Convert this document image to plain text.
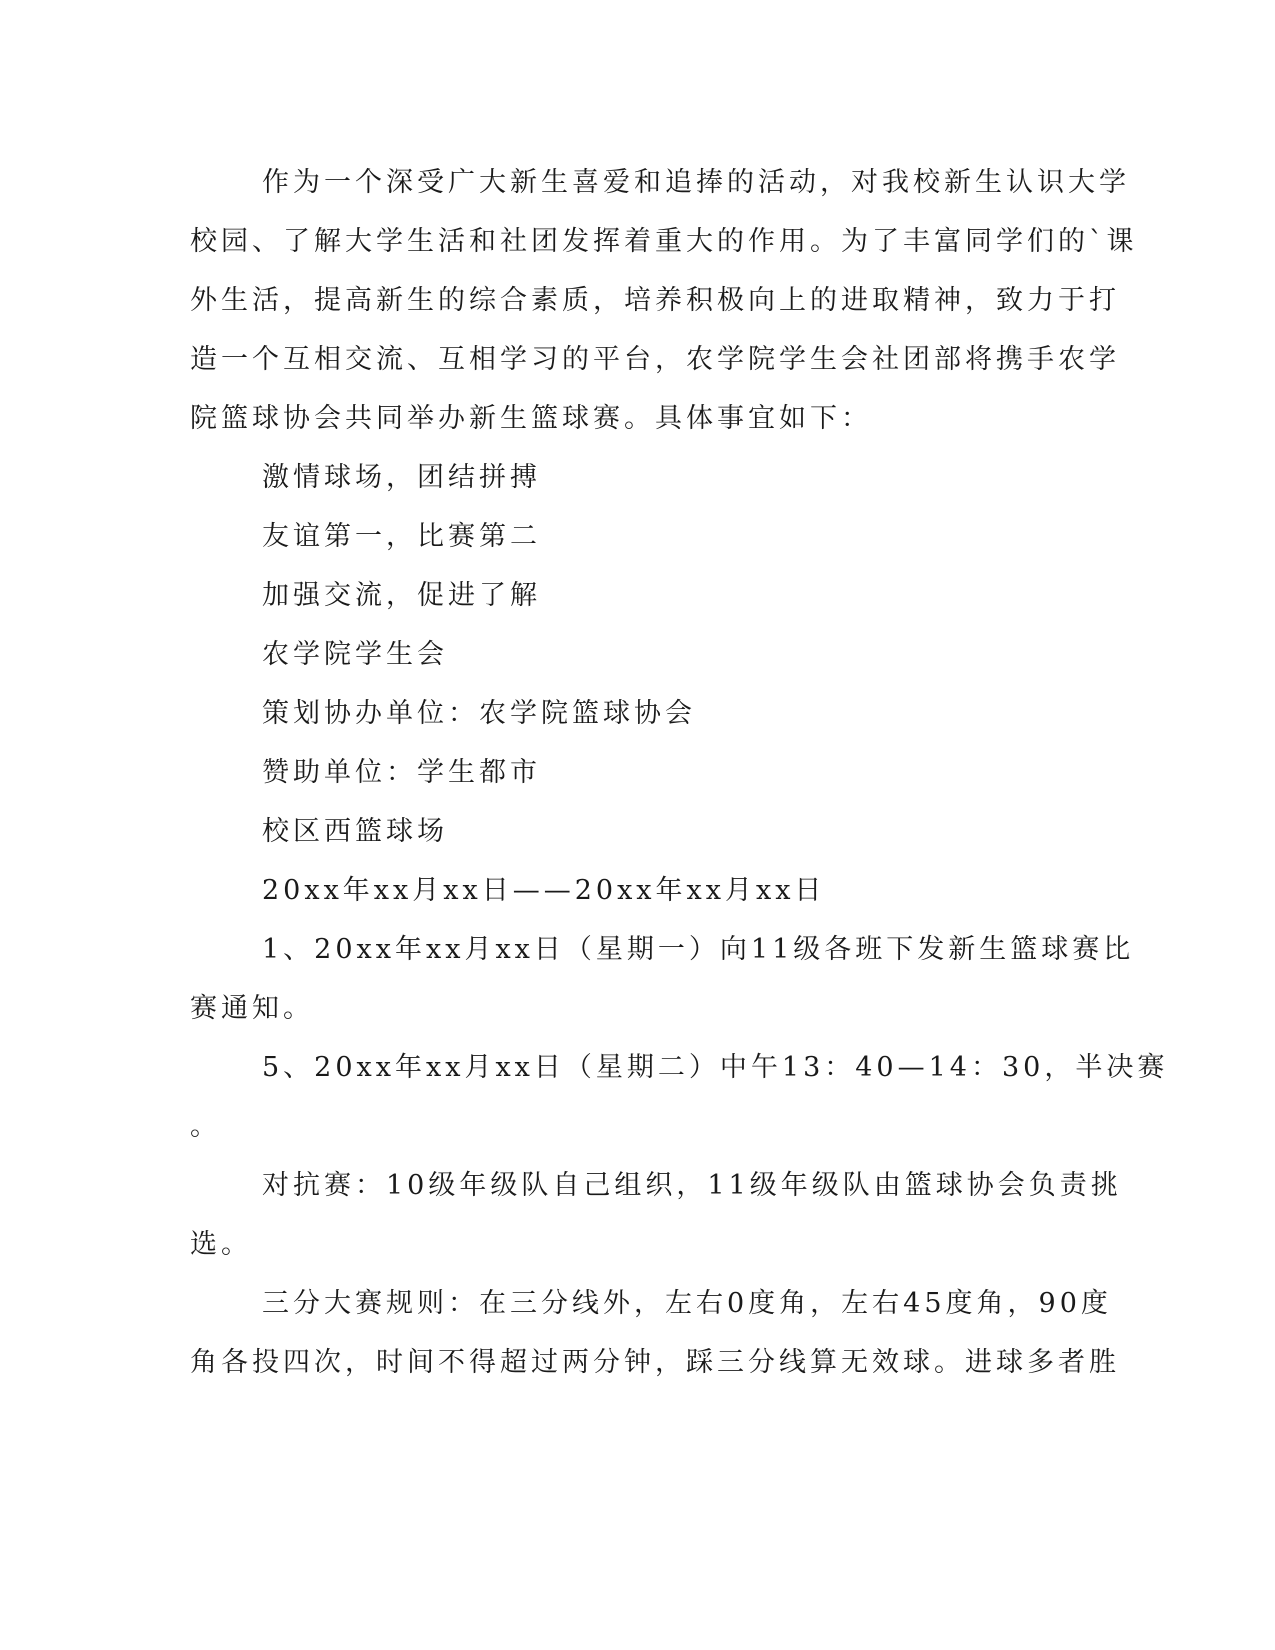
作为一个深受广大新生喜爱和追捧的活动，对我校新生认识大学
校园、了解大学生活和社团发挥着重大的作用。为了丰富同学们的`课
外生活，提高新生的综合素质，培养积极向上的进取精神，致力于打
造一个互相交流、互相学习的平台，农学院学生会社团部将携手农学
院篮球协会共同举办新生篮球赛。具体事宜如下：
激情球场，团结拼搏
友谊第一，比赛第二
加强交流，促进了解
农学院学生会
策划协办单位：农学院篮球协会
赞助单位：学生都市
校区西篮球场
20xx年xx月xx日——20xx年xx月xx日
1、20xx年xx月xx日（星期一）向11级各班下发新生篮球赛比
赛通知。
5、20xx年xx月xx日（星期二）中午13：40—14：30，半决赛
。
对抗赛：10级年级队自己组织，11级年级队由篮球协会负责挑
选。
三分大赛规则：在三分线外，左右0度角，左右45度角，90度
角各投四次，时间不得超过两分钟，踩三分线算无效球。进球多者胜
